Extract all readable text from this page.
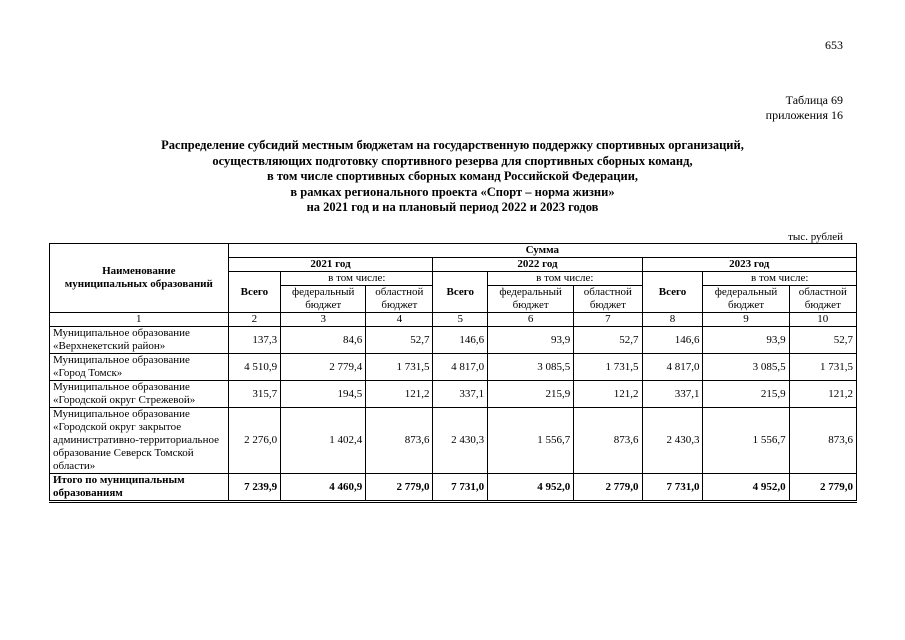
653
Таблица 69
приложения 16
Распределение субсидий местным бюджетам на государственную поддержку спортивных организаций,
осуществляющих подготовку спортивного резерва для спортивных сборных команд,
в том числе спортивных сборных команд Российской Федерации,
в рамках регионального проекта «Спорт – норма жизни»
на 2021 год и на плановый период 2022 и 2023 годов
тыс. рублей
Наименование муниципальных образований	Сумма								
	2021 год			2022 год			2023 год		
	Всего	в том числе:		Всего	в том числе:		Всего	в том числе:	
		федеральный бюджет	областной бюджет		федеральный бюджет	областной бюджет		федеральный бюджет	областной бюджет
1	2	3	4	5	6	7	8	9	10
Муниципальное образование «Верхнекетский район»	137,3	84,6	52,7	146,6	93,9	52,7	146,6	93,9	52,7
Муниципальное образование «Город Томск»	4 510,9	2 779,4	1 731,5	4 817,0	3 085,5	1 731,5	4 817,0	3 085,5	1 731,5
Муниципальное образование «Городской округ Стрежевой»	315,7	194,5	121,2	337,1	215,9	121,2	337,1	215,9	121,2
Муниципальное образование «Городской округ закрытое административно-территориальное образование Северск Томской области»	2 276,0	1 402,4	873,6	2 430,3	1 556,7	873,6	2 430,3	1 556,7	873,6
Итого по муниципальным образованиям	7 239,9	4 460,9	2 779,0	7 731,0	4 952,0	2 779,0	7 731,0	4 952,0	2 779,0
